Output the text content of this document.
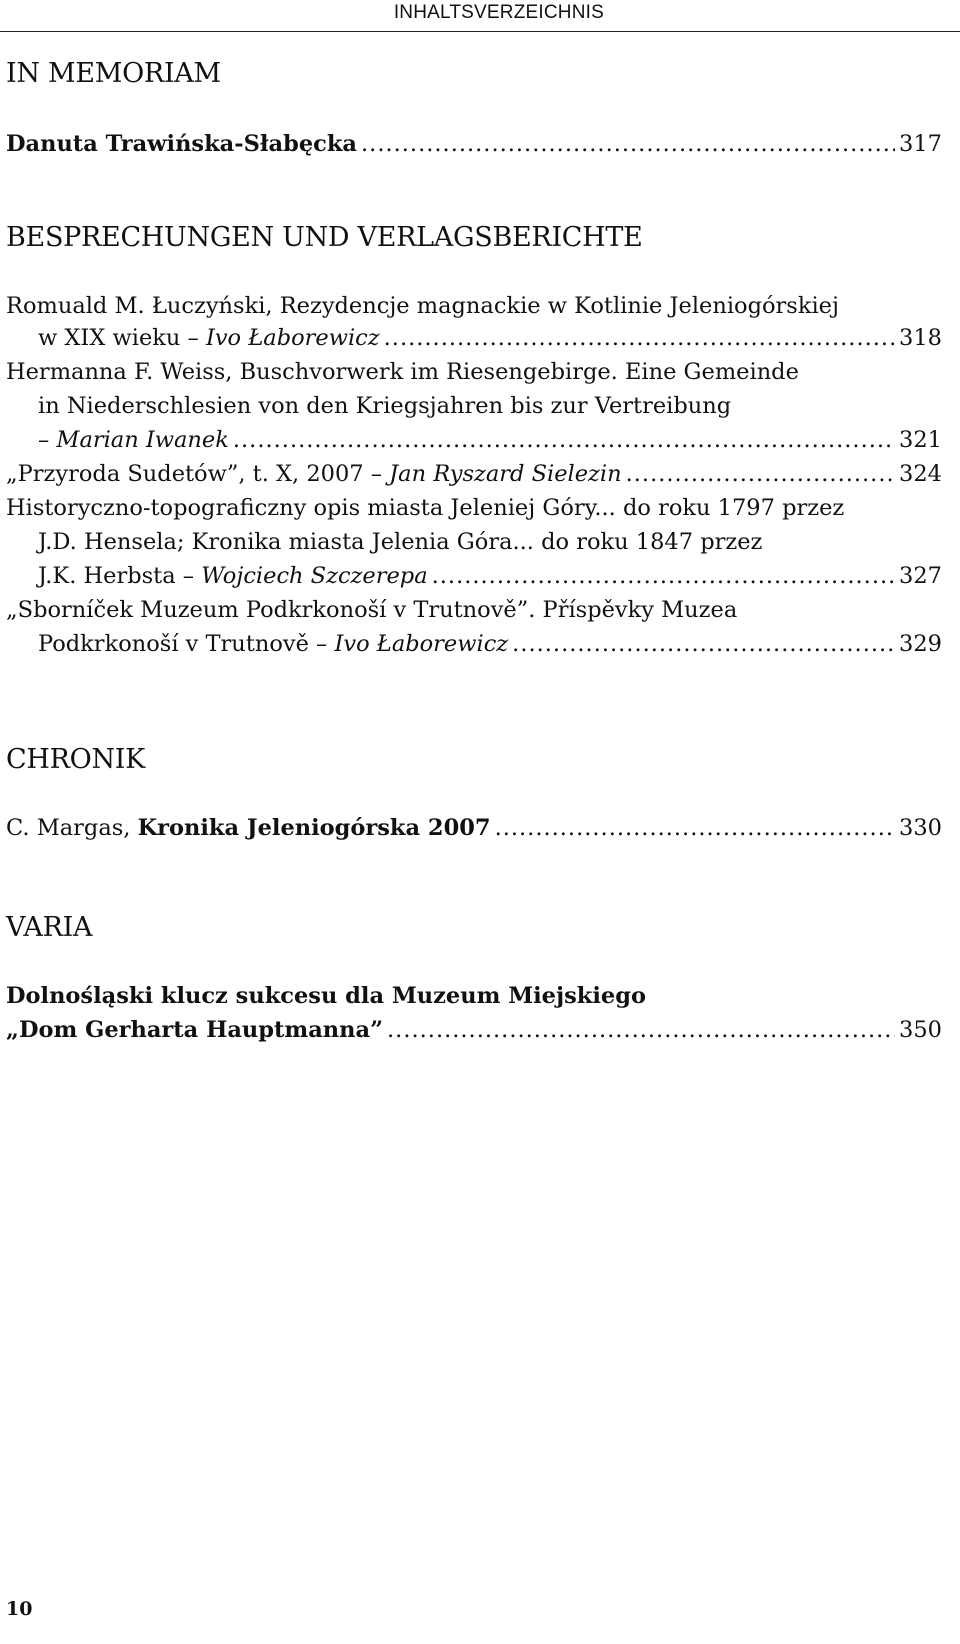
INHALTSVERZEICHNIS
IN MEMORIAM
Danuta Trawińska-Słabęcka .....	317
BESPRECHUNGEN UND VERLAGSBERICHTE
Romuald M. Łuczyński, Rezydencje magnackie w Kotlinie Jeleniogórskiej
w XIX wieku – Ivo Łaborewicz .....	318
Hermanna F. Weiss, Buschvorwerk im Riesengebirge. Eine Gemeinde
in Niederschlesien von den Kriegsjahren bis zur Vertreibung
– Marian Iwanek .....	321
„Przyroda Sudetów”, t. X, 2007 – Jan Ryszard Sielezin .....	324
Historyczno-topograficzny opis miasta Jeleniej Góry... do roku 1797 przez
J.D. Hensela; Kronika miasta Jelenia Góra... do roku 1847 przez
J.K. Herbsta – Wojciech Szczerepa .....	327
„Sborníček Muzeum Podkrkonoší v Trutnově”. Příspěvky Muzea
Podkrkonoší v Trutnově – Ivo Łaborewicz .....	329
CHRONIK
C. Margas, Kronika Jeleniogórska 2007 .....	330
VARIA
Dolnośląski klucz sukcesu dla Muzeum Miejskiego
„Dom Gerharta Hauptmanna” .....	350
10
